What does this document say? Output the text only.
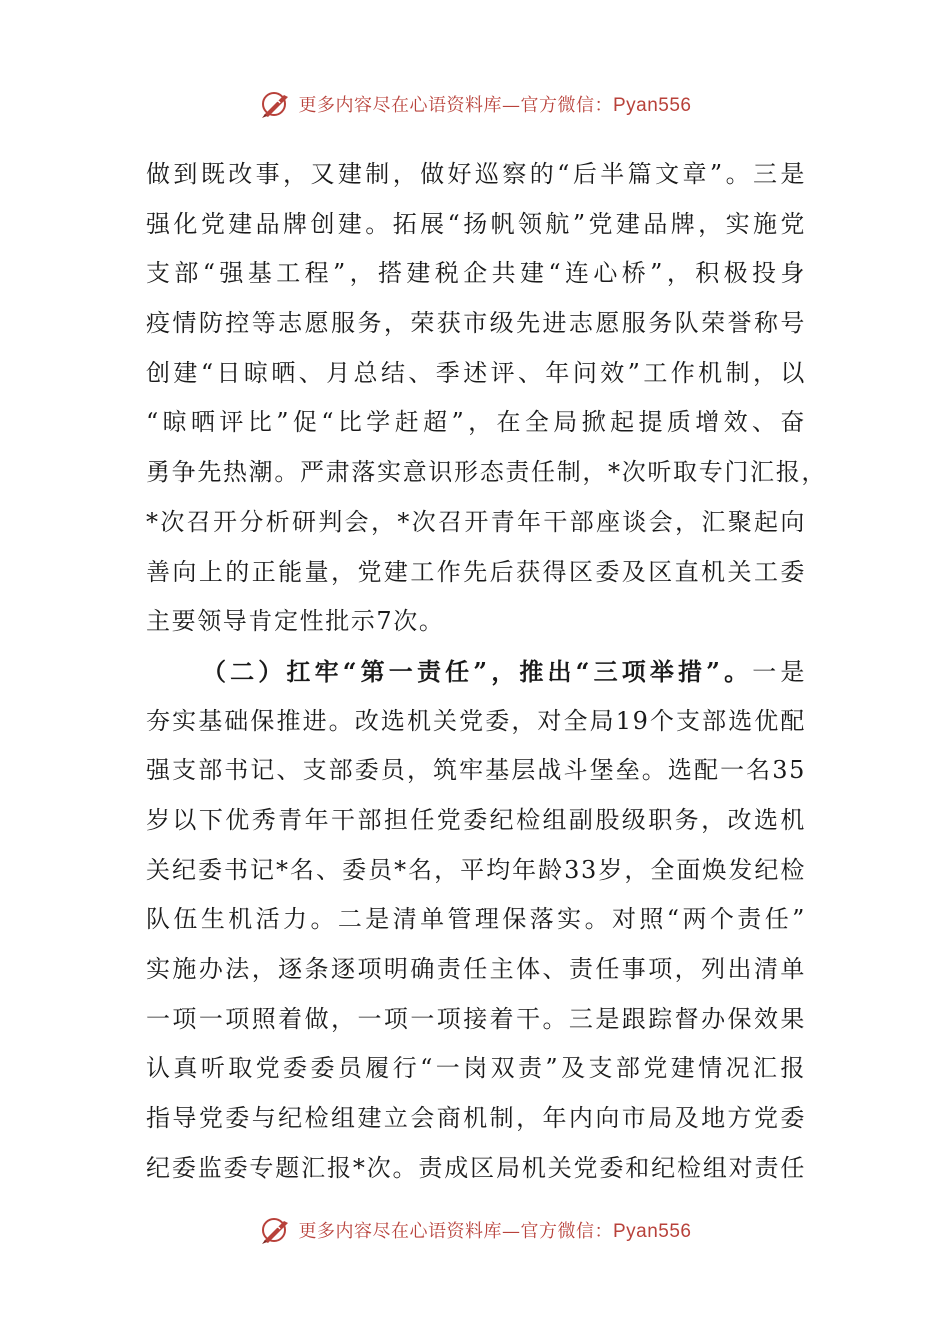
更多内容尽在心语资料库—官方微信：Pyan556
做到既改事，又建制，做好巡察的“后半篇文章”。三是
强化党建品牌创建。拓展“扬帆领航”党建品牌，实施党
支部“强基工程”，搭建税企共建“连心桥”，积极投身
疫情防控等志愿服务，荣获市级先进志愿服务队荣誉称号
创建“日晾晒、月总结、季述评、年问效”工作机制，以
“晾晒评比”促“比学赶超”，在全局掀起提质增效、奋
勇争先热潮。严肃落实意识形态责任制，*次听取专门汇报，
*次召开分析研判会，*次召开青年干部座谈会，汇聚起向
善向上的正能量，党建工作先后获得区委及区直机关工委
主要领导肯定性批示7次。
（二）扛牢“第一责任”，推出“三项举措”。一是
夯实基础保推进。改选机关党委，对全局19个支部选优配
强支部书记、支部委员，筑牢基层战斗堡垒。选配一名35
岁以下优秀青年干部担任党委纪检组副股级职务，改选机
关纪委书记*名、委员*名，平均年龄33岁，全面焕发纪检
队伍生机活力。二是清单管理保落实。对照“两个责任”
实施办法，逐条逐项明确责任主体、责任事项，列出清单
一项一项照着做，一项一项接着干。三是跟踪督办保效果
认真听取党委委员履行“一岗双责”及支部党建情况汇报
指导党委与纪检组建立会商机制，年内向市局及地方党委
纪委监委专题汇报*次。责成区局机关党委和纪检组对责任
更多内容尽在心语资料库—官方微信：Pyan556
